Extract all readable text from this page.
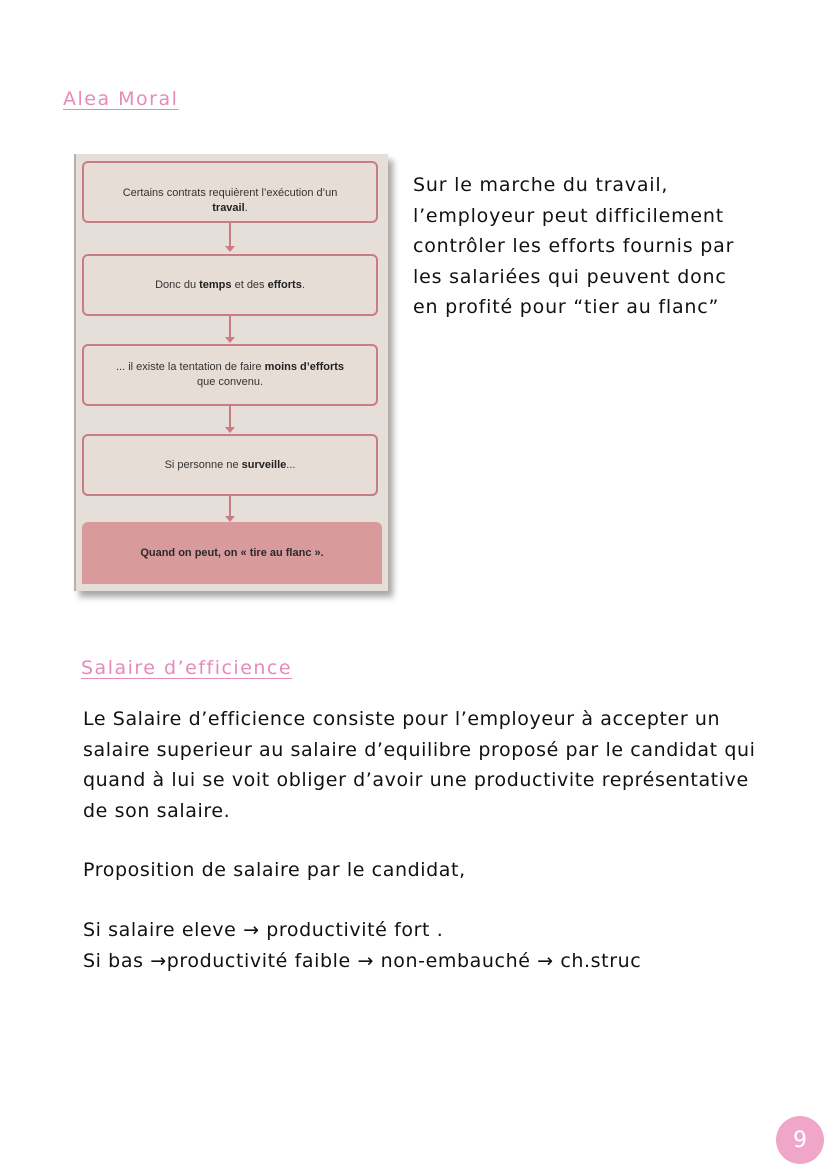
Alea Moral
Certains contrats requièrent l’exécution d’un travail.
Donc du temps et des efforts.
... il existe la tentation de faire moins d’efforts que convenu.
Si personne ne surveille...
Quand on peut, on « tire au flanc ».
Sur le marche du travail, l’employeur peut difficilement contrôler les efforts fournis par les salariées qui peuvent donc en profité pour “tier au flanc”
Salaire d’efficience
Le Salaire d’efficience consiste pour l’employeur à accepter un salaire superieur au salaire d’equilibre proposé par le candidat qui quand à lui se voit obliger d’avoir une productivite représentative de son salaire.
Proposition de salaire par le candidat,
Si salaire eleve → productivité fort .
Si bas →productivité faible → non-embauché → ch.struc
9
